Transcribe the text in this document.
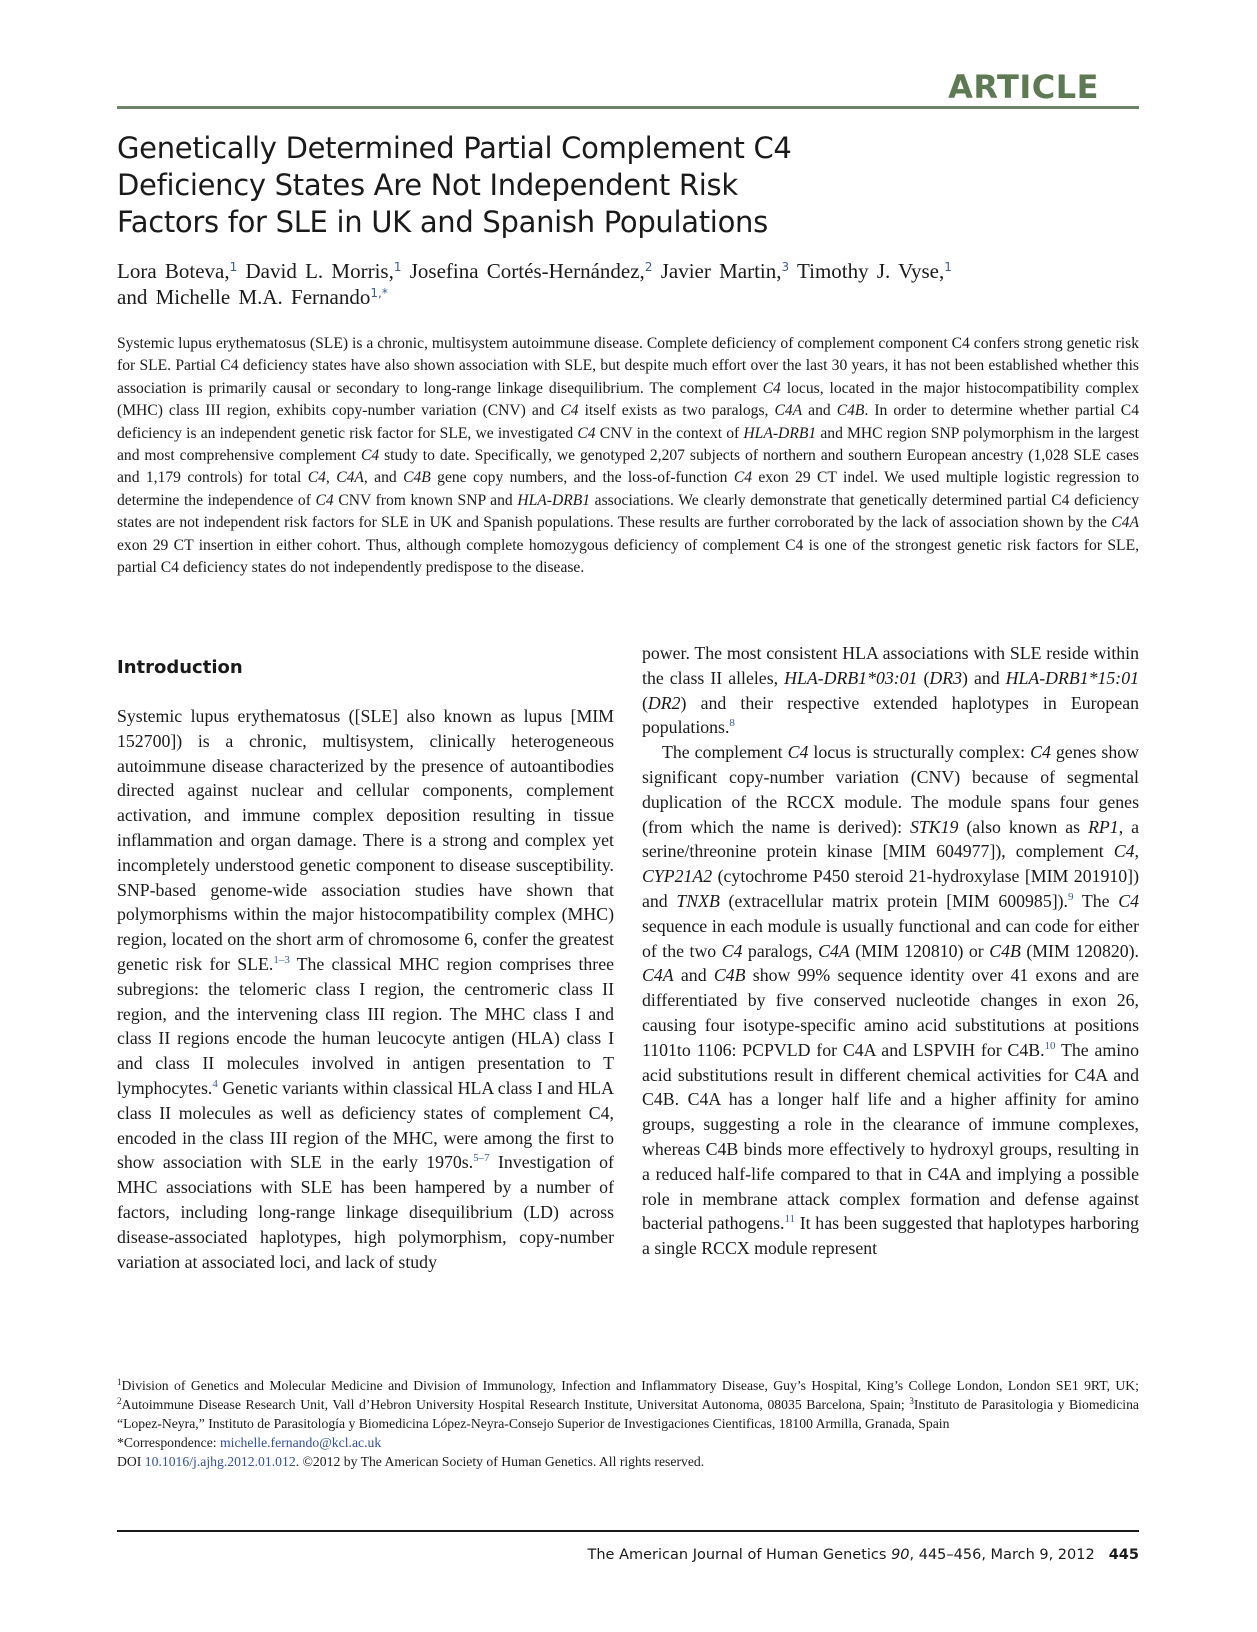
ARTICLE
Genetically Determined Partial Complement C4
Deficiency States Are Not Independent Risk
Factors for SLE in UK and Spanish Populations
Lora Boteva,$^1$ David L. Morris,$^1$ Josefina Cortés-Hernández,$^2$ Javier Martin,$^3$ Timothy J. Vyse,$^1$
and Michelle M.A. Fernando$^{1,*}$

Systemic lupus erythematosus (SLE) is a chronic, multisystem autoimmune disease. Complete deficiency of complement component C4 confers strong genetic risk for SLE. Partial C4 deficiency states have also shown association with SLE, but despite much effort over the last 30 years, it has not been established whether this association is primarily causal or secondary to long-range linkage disequilibrium. The complement C4 locus, located in the major histocompatibility complex (MHC) class III region, exhibits copy-number variation (CNV) and C4 itself exists as two paralogs, C4A and C4B. In order to determine whether partial C4 deficiency is an independent genetic risk factor for SLE, we investigated C4 CNV in the context of HLA-DRB1 and MHC region SNP polymorphism in the largest and most comprehensive complement C4 study to date. Specifically, we genotyped 2,207 subjects of northern and southern European ancestry (1,028 SLE cases and 1,179 controls) for total C4, C4A, and C4B gene copy numbers, and the loss-of-function C4 exon 29 CT indel. We used multiple logistic regression to determine the independence of C4 CNV from known SNP and HLA-DRB1 associations. We clearly demonstrate that genetically determined partial C4 deficiency states are not independent risk factors for SLE in UK and Spanish populations. These results are further corroborated by the lack of association shown by the C4A exon 29 CT insertion in either cohort. Thus, although complete homozygous deficiency of complement C4 is one of the strongest genetic risk factors for SLE, partial C4 deficiency states do not independently predispose to the disease.

Introduction

Systemic lupus erythematosus ([SLE] also known as lupus [MIM 152700]) is a chronic, multisystem, clinically heterogeneous autoimmune disease characterized by the presence of autoantibodies directed against nuclear and cellular components, complement activation, and immune complex deposition resulting in tissue inflammation and organ damage. There is a strong and complex yet incompletely understood genetic component to disease susceptibility. SNP-based genome-wide association studies have shown that polymorphisms within the major histocompatibility complex (MHC) region, located on the short arm of chromosome 6, confer the greatest genetic risk for SLE.$^{1-3}$ The classical MHC region comprises three subregions: the telomeric class I region, the centromeric class II region, and the intervening class III region. The MHC class I and class II regions encode the human leucocyte antigen (HLA) class I and class II molecules involved in antigen presentation to T lymphocytes.$^4$ Genetic variants within classical HLA class I and HLA class II molecules as well as deficiency states of complement C4, encoded in the class III region of the MHC, were among the first to show association with SLE in the early 1970s.$^{5-7}$ Investigation of MHC associations with SLE has been hampered by a number of factors, including long-range linkage disequilibrium (LD) across disease-associated haplotypes, high polymorphism, copy-number variation at associated loci, and lack of study

power. The most consistent HLA associations with SLE reside within the class II alleles, HLA-DRB1*03:01 (DR3) and HLA-DRB1*15:01 (DR2) and their respective extended haplotypes in European populations.$^8$

The complement C4 locus is structurally complex: C4 genes show significant copy-number variation (CNV) because of segmental duplication of the RCCX module. The module spans four genes (from which the name is derived): STK19 (also known as RP1, a serine/threonine protein kinase [MIM 604977]), complement C4, CYP21A2 (cytochrome P450 steroid 21-hydroxylase [MIM 201910]) and TNXB (extracellular matrix protein [MIM 600985]).$^9$ The C4 sequence in each module is usually functional and can code for either of the two C4 paralogs, C4A (MIM 120810) or C4B (MIM 120820). C4A and C4B show 99% sequence identity over 41 exons and are differentiated by five conserved nucleotide changes in exon 26, causing four isotype-specific amino acid substitutions at positions 1101to 1106: PCPVLD for C4A and LSPVIH for C4B.$^{10}$ The amino acid substitutions result in different chemical activities for C4A and C4B. C4A has a longer half life and a higher affinity for amino groups, suggesting a role in the clearance of immune complexes, whereas C4B binds more effectively to hydroxyl groups, resulting in a reduced half-life compared to that in C4A and implying a possible role in membrane attack complex formation and defense against bacterial pathogens.$^{11}$ It has been suggested that haplotypes harboring a single RCCX module represent

$^1$Division of Genetics and Molecular Medicine and Division of Immunology, Infection and Inflammatory Disease, Guy’s Hospital, King’s College London, London SE1 9RT, UK; $^2$Autoimmune Disease Research Unit, Vall d’Hebron University Hospital Research Institute, Universitat Autonoma, 08035 Barcelona, Spain; $^3$Instituto de Parasitologia y Biomedicina “Lopez-Neyra,” Instituto de Parasitología y Biomedicina López-Neyra-Consejo Superior de Investigaciones Cientificas, 18100 Armilla, Granada, Spain

*Correspondence: michelle.fernando@kcl.ac.uk

DOI 10.1016/j.ajhg.2012.01.012. ©2012 by The American Society of Human Genetics. All rights reserved.

The American Journal of Human Genetics 90, 445–456, March 9, 2012 445
